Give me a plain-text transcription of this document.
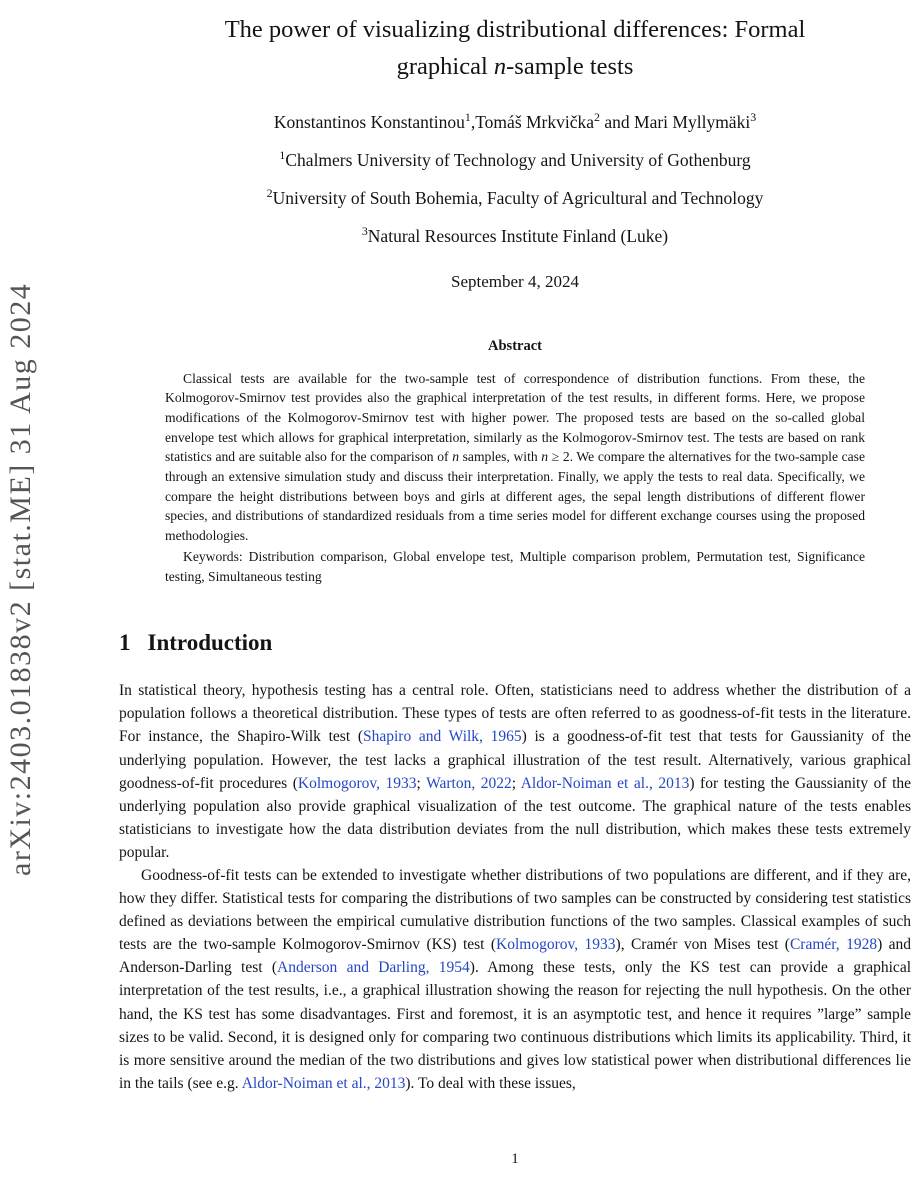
arXiv:2403.01838v2 [stat.ME] 31 Aug 2024
The power of visualizing distributional differences: Formal
graphical n-sample tests

Konstantinos Konstantinou$^1$,Tomáš Mrkvička$^2$ and Mari Myllymäki$^3$

$^1$Chalmers University of Technology and University of Gothenburg

$^2$University of South Bohemia, Faculty of Agricultural and Technology

$^3$Natural Resources Institute Finland (Luke)

September 4, 2024

Abstract

Classical tests are available for the two-sample test of correspondence of distribution functions. From these, the Kolmogorov-Smirnov test provides also the graphical interpretation of the test results, in different forms. Here, we propose modifications of the Kolmogorov-Smirnov test with higher power. The proposed tests are based on the so-called global envelope test which allows for graphical interpretation, similarly as the Kolmogorov-Smirnov test. The tests are based on rank statistics and are suitable also for the comparison of n samples, with n ≥ 2. We compare the alternatives for the two-sample case through an extensive simulation study and discuss their interpretation. Finally, we apply the tests to real data. Specifically, we compare the height distributions between boys and girls at different ages, the sepal length distributions of different flower species, and distributions of standardized residuals from a time series model for different exchange courses using the proposed methodologies.

Keywords: Distribution comparison, Global envelope test, Multiple comparison problem, Permutation test, Significance testing, Simultaneous testing

1 Introduction

In statistical theory, hypothesis testing has a central role. Often, statisticians need to address whether the distribution of a population follows a theoretical distribution. These types of tests are often referred to as goodness-of-fit tests in the literature. For instance, the Shapiro-Wilk test (Shapiro and Wilk, 1965) is a goodness-of-fit test that tests for Gaussianity of the underlying population. However, the test lacks a graphical illustration of the test result. Alternatively, various graphical goodness-of-fit procedures (Kolmogorov, 1933; Warton, 2022; Aldor-Noiman et al., 2013) for testing the Gaussianity of the underlying population also provide graphical visualization of the test outcome. The graphical nature of the tests enables statisticians to investigate how the data distribution deviates from the null distribution, which makes these tests extremely popular.

Goodness-of-fit tests can be extended to investigate whether distributions of two populations are different, and if they are, how they differ. Statistical tests for comparing the distributions of two samples can be constructed by considering test statistics defined as deviations between the empirical cumulative distribution functions of the two samples. Classical examples of such tests are the two-sample Kolmogorov-Smirnov (KS) test (Kolmogorov, 1933), Cramér von Mises test (Cramér, 1928) and Anderson-Darling test (Anderson and Darling, 1954). Among these tests, only the KS test can provide a graphical interpretation of the test results, i.e., a graphical illustration showing the reason for rejecting the null hypothesis. On the other hand, the KS test has some disadvantages. First and foremost, it is an asymptotic test, and hence it requires ”large” sample sizes to be valid. Second, it is designed only for comparing two continuous distributions which limits its applicability. Third, it is more sensitive around the median of the two distributions and gives low statistical power when distributional differences lie in the tails (see e.g. Aldor-Noiman et al., 2013). To deal with these issues,

1
